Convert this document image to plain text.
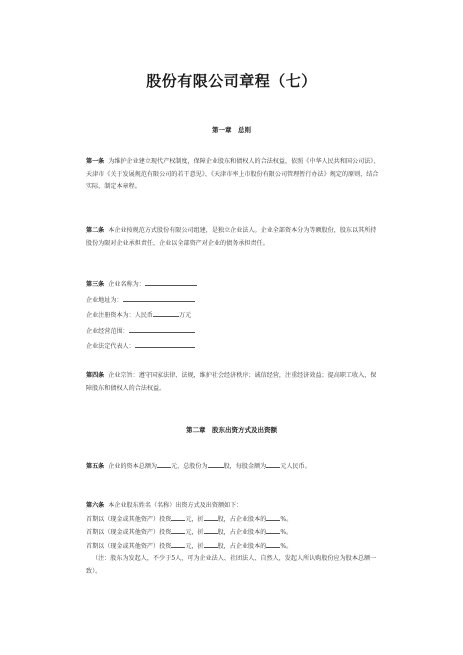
股份有限公司章程（七）
第一章　总则

第一条 为维护企业建立现代产权制度，保障企业股东和债权人的合法权益，依照《中华人民共和国公司法》、天津市《关于发展规范有限公司的若干意见》、《天津市率上市股份有限公司管理暂行办法》规定的原则，结合实际，制定本章程。

第二条 本企业按规范方式股份有限公司组建，是独立企业法人。企业全部资本分为等额股份，股东以其所持股份为限对企业承担责任，企业以全部资产对企业的债务承担责任。

第三条 企业名称为：

企业地址为：

企业注册资本为：人民币	万元

企业经营范围：

企业法定代表人：

第四条 企业宗旨：遵守国家法律、法规，维护社会经济秩序；诚信经营，注重经济效益；提高职工收入，保障股东和债权人的合法权益。

第二章　股东出资方式及出资额

第五条 企业的资本总额为 元，总股份为	股，每股金额为 元人民币。

第六条 本企业股东姓名（名称）出资方式及出资额如下：

首期以（现金或其他资产）投资 元，折 股，占企业股本的 %。

首期以（现金或其他资产）投资 元，折 股，占企业股本的 %。

首期以（现金或其他资产）投资 元，折 股，占企业股本的 %。

（注：股东为发起人，不少于5人，可为企业法人、社团法人、自然人，发起人所认购股份应为股本总额一致）。
